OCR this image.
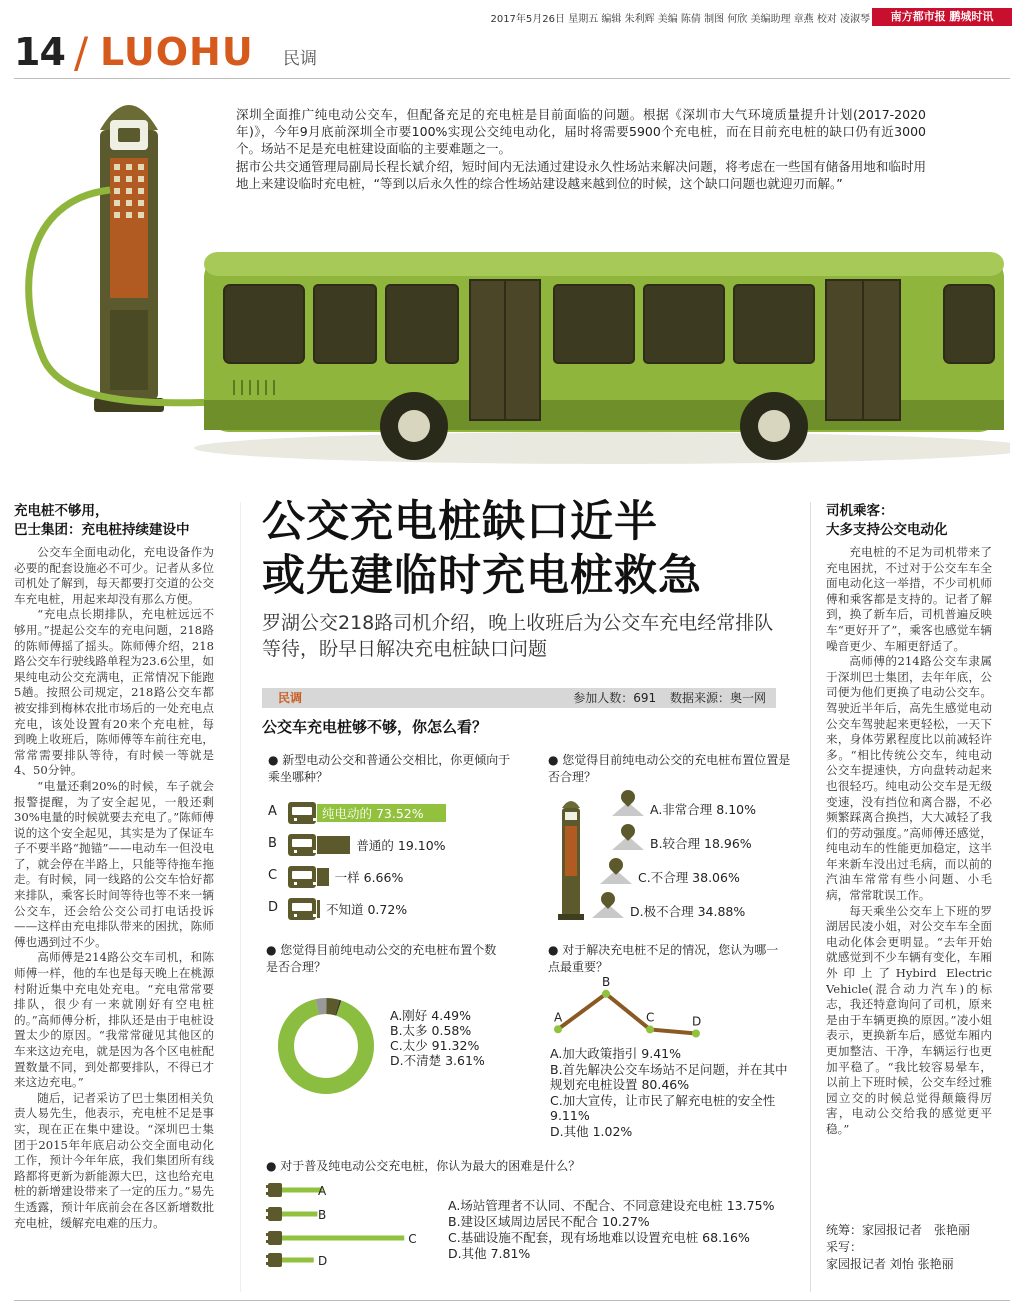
2017年5月26日 星期五 编辑 朱利辉 美编 陈倩 制图 何欣 美编助理 章燕 校对 凌淑琴	南方都市报 鹏城时讯
14 / LUOHU 民调

深圳全面推广纯电动公交车，但配备充足的充电桩是目前面临的问题。根据《深圳市大气环境质量提升计划(2017-2020年)》，今年9月底前深圳全市要100%实现公交纯电动化，届时将需要5900个充电桩，而在目前充电桩的缺口仍有近3000个。场站不足是充电桩建设面临的主要难题之一。

据市公共交通管理局副局长程长斌介绍，短时间内无法通过建设永久性场站来解决问题，将考虑在一些国有储备用地和临时用地上来建设临时充电桩，“等到以后永久性的综合性场站建设越来越到位的时候，这个缺口问题也就迎刃而解。”

充电桩不够用，
巴士集团：充电桩持续建设中

公交车全面电动化，充电设备作为必要的配套设施必不可少。记者从多位司机处了解到，每天都要打交道的公交车充电桩，用起来却没有那么方便。

“充电点长期排队，充电桩远远不够用。”提起公交车的充电问题，218路的陈师傅摇了摇头。陈师傅介绍，218路公交车行驶线路单程为23.6公里，如果纯电动公交充满电，正常情况下能跑5趟。按照公司规定，218路公交车都被安排到梅林农批市场后的一处充电点充电，该处设置有20来个充电桩，每到晚上收班后，陈师傅等车前往充电，常常需要排队等待，有时候一等就是4、50分钟。

“电量还剩20%的时候，车子就会报警提醒，为了安全起见，一般还剩30%电量的时候就要去充电了。”陈师傅说的这个安全起见，其实是为了保证车子不要半路“抛锚”——电动车一但没电了，就会停在半路上，只能等待拖车拖走。有时候，同一线路的公交车恰好都来排队，乘客长时间等待也等不来一辆公交车，还会给公交公司打电话投诉——这样由充电排队带来的困扰，陈师傅也遇到过不少。

高师傅是214路公交车司机，和陈师傅一样，他的车也是每天晚上在桃源村附近集中充电处充电。“充电常常要排队，很少有一来就刚好有空电桩的。”高师傅分析，排队还是由于电桩设置太少的原因。“我常常碰见其他区的车来这边充电，就是因为各个区电桩配置数量不同，到处都要排队，不得已才来这边充电。”

随后，记者采访了巴士集团相关负责人易先生，他表示，充电桩不足是事实，现在正在集中建设。“深圳巴士集团于2015年年底启动公交全面电动化工作，预计今年年底，我们集团所有线路都将更新为新能源大巴，这也给充电桩的新增建设带来了一定的压力。”易先生透露，预计年底前会在各区新增数批充电桩，缓解充电难的压力。

司机乘客：
大多支持公交电动化

充电桩的不足为司机带来了充电困扰，不过对于公交车车全面电动化这一举措，不少司机师傅和乘客都是支持的。记者了解到，换了新车后，司机普遍反映车“更好开了”，乘客也感觉车辆噪音更少、车厢更舒适了。

高师傅的214路公交车隶属于深圳巴士集团，去年年底，公司便为他们更换了电动公交车。驾驶近半年后，高先生感觉电动公交车驾驶起来更轻松，一天下来，身体劳累程度比以前减轻许多。“相比传统公交车，纯电动公交车提速快，方向盘转动起来也很轻巧。纯电动公交车是无级变速，没有挡位和离合器，不必频繁踩离合换挡，大大减轻了我们的劳动强度。”高师傅还感觉，纯电动车的性能更加稳定，这半年来新车没出过毛病，而以前的汽油车常常有些小问题、小毛病，常常耽误工作。

每天乘坐公交车上下班的罗湖居民凌小姐，对公交车车全面电动化体会更明显。“去年开始就感觉到不少车辆有变化，车厢外印上了Hybird Electric Vehicle(混合动力汽车)的标志，我还特意询问了司机，原来是由于车辆更换的原因。”凌小姐表示，更换新车后，感觉车厢内更加整洁、干净，车辆运行也更加平稳了。“我比较容易晕车，以前上下班时候，公交车经过雅园立交的时候总觉得颠簸得厉害，电动公交给我的感觉更平稳。”

统筹：家园报记者　张艳丽
采写：
家园报记者 刘怡 张艳丽
公交充电桩缺口近半
或先建临时充电桩救急
罗湖公交218路司机介绍，晚上收班后为公交车充电经常排队等待，盼早日解决充电桩缺口问题
民调	参加人数：691 数据来源：奥一网
公交车充电桩够不够，你怎么看？
● 新型电动公交和普通公交相比，你更倾向于乘坐哪种？
A	纯电动的 73.52%
B	普通的 19.10%
C	一样 6.66%
D	不知道 0.72%
● 您觉得目前纯电动公交的充电桩布置位置是否合理？
A.非常合理 8.10%
B.较合理 18.96%
C.不合理 38.06%
D.极不合理 34.88%
● 您觉得目前纯电动公交的充电桩布置个数是否合理？
A.刚好 4.49%
B.太多 0.58%
C.太少 91.32%
D.不清楚 3.61%
● 对于解决充电桩不足的情况，您认为哪一点最重要？
A
B
C	D
A.加大政策指引 9.41%
B.首先解决公交车场站不足问题，并在其中规划充电桩设置 80.46%
C.加大宣传，让市民了解充电桩的安全性 9.11%
D.其他 1.02%
● 对于普及纯电动公交充电桩，你认为最大的困难是什么？
A
B
C
D
A.场站管理者不认同、不配合、不同意建设充电桩 13.75%
B.建设区域周边居民不配合 10.27%
C.基础设施不配套，现有场地难以设置充电桩 68.16%
D.其他 7.81%
